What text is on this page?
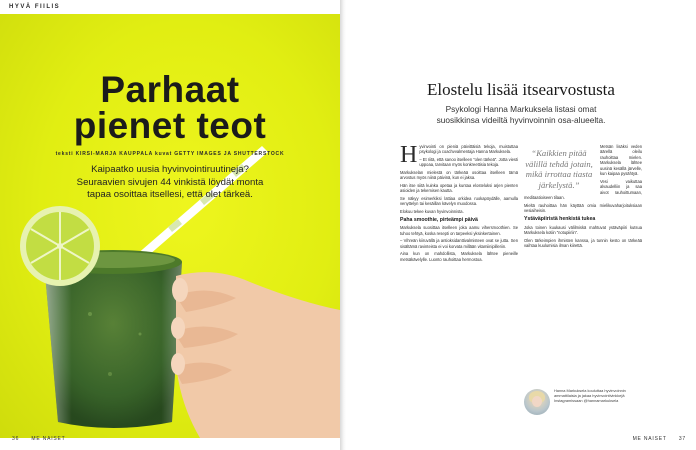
HYVÄ FIILIS
Parhaat
pienet teot
teksti KIRSI-MARJA KAUPPALA kuvat GETTY IMAGES JA SHUTTERSTOCK
Kaipaatko uusia hyvinvointiruutineja?
Seuraavien sivujen 44 vinkistä löydät monta
tapaa osoittaa itsellesi, että olet tärkeä.
36 ME NAISET
Elostelu lisää itsearvostusta
Psykologi Hanna Markuksela listasi omat suosikkinsa videiltä hyvinvoinnin osa-alueelta.

Hyvinvointi on pieniä päivittäisiä tekoja, muistuttaa psykologi ja coachvvalmentaja Hanna Markuksela.

– Et riitä, että sanoo itselleen “olen tärkeä”. Jotta viesti uppoaa, tarvitaan myös konkreettisia tekoja.

Markukselan mielestä on tärkeää osoittaa itselleen tämä arvostus myös niinä päivinä, kun ei jaksa.

Hän itse siitä kuinka opetaa ja kuntaa elosteluksi arjen pienten asioiden ja tekemisen kautta.

Se näkyy esimerkiksi lattiaa orkidea ruokapöydälle, aamulla venyttelyn tai kesäillan kävelyn muodossa.

Elokuu tekee kuvan hyvinvoinnista.

Paha smoothie, pirteämpi päivä

Markuksela suosittaa itselleen joka aamu vihersmoothien. Se tuhoo tehtyä, koska resepti on tarpeeksi yksinkertainen.

– Vihreän kiiruvällä ja antioksidanttivalmisteen ovat se jutta. Sen sisältämä ravinteista ei voi korvata millään vitamiinipilleriin.

Aina kun on mahdollista, Markuksela lähtee pieneille metsäkävelylle. Luonto rauhoittaa hermostoa.

“Kaikkien pitää välillä tehdä jotain, mikä irrottaa tiasta järkelystä.”

Metsän lisäksi veden äärellä oleilu rauhoittaa mielen. Markuksela lähtee uusinä kesällä järvelle, kun kaipaa pysähtyä.

Vesi vaikuttaa alvaudelliin ja saa aivot rauhoittumaan, meditaatioiseen tilaan.

Mieltä rauhoittaa hän käyttää omia mielikuvaharjoituksiaan vesiaiheisin.

Ystäväpiiristä henkistä tukea

Joka toinen kuukausi välilmiskä mahtuvat ystäväpiiri kutsua Markuksela kotiin “notupiiriin”.

Olen tärkeimpien ihmisten kanssa, ja tunnin kesto on tärkeää vaihtaa kuulumisia ilman kiirettä.

Hanna Markuksela kouluttaa hyvinvoinnin ammattilaisia ja jakaa hyvinvointivinkkejä Instagramissaan @hannamarkuksela
ME NAISET 37
